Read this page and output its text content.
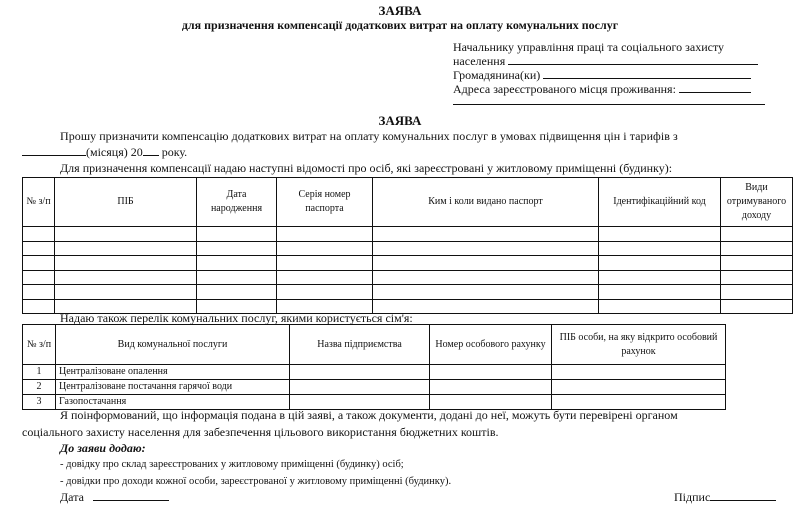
ЗАЯВА
для призначення компенсації додаткових витрат на оплату комунальних послуг
Начальнику управління праці та соціального захисту
населення
Громадянина(ки)
Адреса зареєстрованого місця проживання:
ЗАЯВА
Прошу призначити компенсацію додаткових витрат на оплату комунальних послуг в умовах підвищення цін і тарифів з
(місяця) 20 року.
Для призначення компенсації надаю наступні відомості про осіб, які зареєстровані у житловому приміщенні (будинку):
№ з/п	ПІБ	Дата народження	Серія номер паспорта	Ким і коли видано паспорт	Ідентифікаційний код	Види отримуваного доходу

Надаю також перелік комунальних послуг, якими користується сім'я:
№ з/п	Вид комунальної послуги	Назва підприємства	Номер особового рахунку	ПІБ особи, на яку відкрито особовий рахунок
1	Централізоване опалення			
2	Централізоване постачання гарячої води			
3	Газопостачання			
Я поінформований, що інформація подана в цій заяві, а також документи, додані до неї, можуть бути перевірені органом
соціального захисту населення для забезпечення цільового використання бюджетних коштів.
До заяви додаю:
- довідку про склад зареєстрованих у житловому приміщенні (будинку) осіб;
- довідки про доходи кожної особи, зареєстрованої у житловому приміщенні (будинку).
Дата	Підпис
